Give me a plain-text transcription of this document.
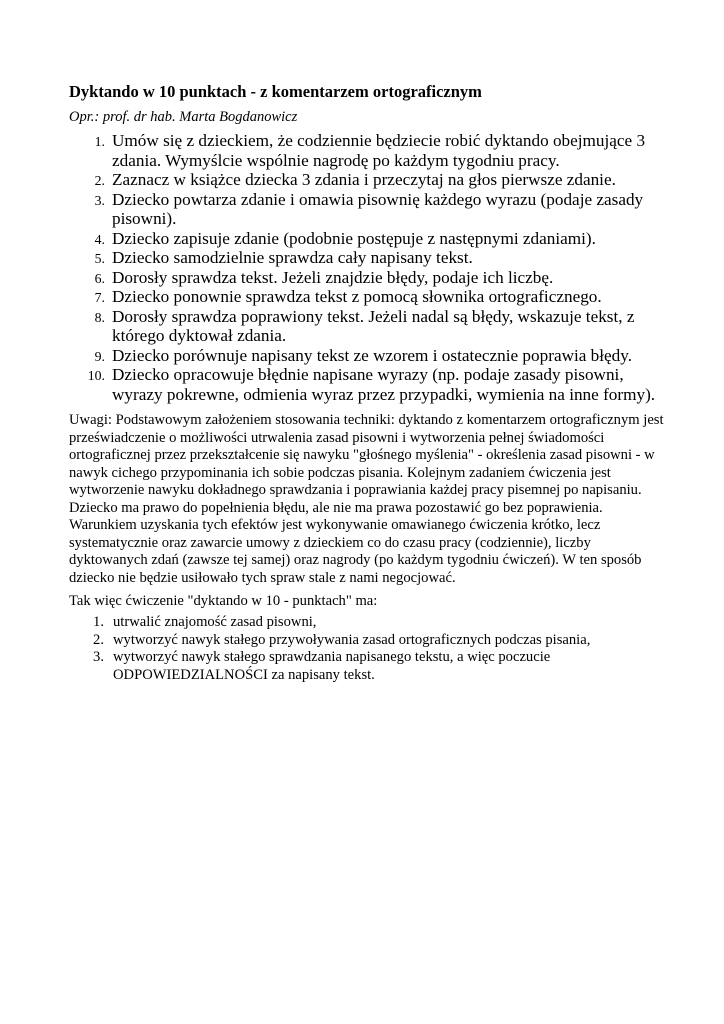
Dyktando w 10 punktach - z komentarzem ortograficznym
Opr.: prof. dr hab. Marta Bogdanowicz
1. Umów się z dzieckiem, że codziennie będziecie robić dyktando obejmujące 3 zdania. Wymyślcie wspólnie nagrodę po każdym tygodniu pracy.
2. Zaznacz w książce dziecka 3 zdania i przeczytaj na głos pierwsze zdanie.
3. Dziecko powtarza zdanie i omawia pisownię każdego wyrazu (podaje zasady pisowni).
4. Dziecko zapisuje zdanie (podobnie postępuje z następnymi zdaniami).
5. Dziecko samodzielnie sprawdza cały napisany tekst.
6. Dorosły sprawdza tekst. Jeżeli znajdzie błędy, podaje ich liczbę.
7. Dziecko ponownie sprawdza tekst z pomocą słownika ortograficznego.
8. Dorosły sprawdza poprawiony tekst. Jeżeli nadal są błędy, wskazuje tekst, z którego dyktował zdania.
9. Dziecko porównuje napisany tekst ze wzorem i ostatecznie poprawia błędy.
10. Dziecko opracowuje błędnie napisane wyrazy (np. podaje zasady pisowni, wyrazy pokrewne, odmienia wyraz przez przypadki, wymienia na inne formy).

Uwagi: Podstawowym założeniem stosowania techniki: dyktando z komentarzem ortograficznym jest przeświadczenie o możliwości utrwalenia zasad pisowni i wytworzenia pełnej świadomości ortograficznej przez przekształcenie się nawyku "głośnego myślenia" - określenia zasad pisowni - w nawyk cichego przypominania ich sobie podczas pisania. Kolejnym zadaniem ćwiczenia jest wytworzenie nawyku dokładnego sprawdzania i poprawiania każdej pracy pisemnej po napisaniu. Dziecko ma prawo do popełnienia błędu, ale nie ma prawa pozostawić go bez poprawienia. Warunkiem uzyskania tych efektów jest wykonywanie omawianego ćwiczenia krótko, lecz systematycznie oraz zawarcie umowy z dzieckiem co do czasu pracy (codziennie), liczby dyktowanych zdań (zawsze tej samej) oraz nagrody (po każdym tygodniu ćwiczeń). W ten sposób dziecko nie będzie usiłowało tych spraw stale z nami negocjować.

Tak więc ćwiczenie "dyktando w 10 - punktach" ma:

1. utrwalić znajomość zasad pisowni,
2. wytworzyć nawyk stałego przywoływania zasad ortograficznych podczas pisania,
3. wytworzyć nawyk stałego sprawdzania napisanego tekstu, a więc poczucie ODPOWIEDZIALNOŚCI za napisany tekst.
